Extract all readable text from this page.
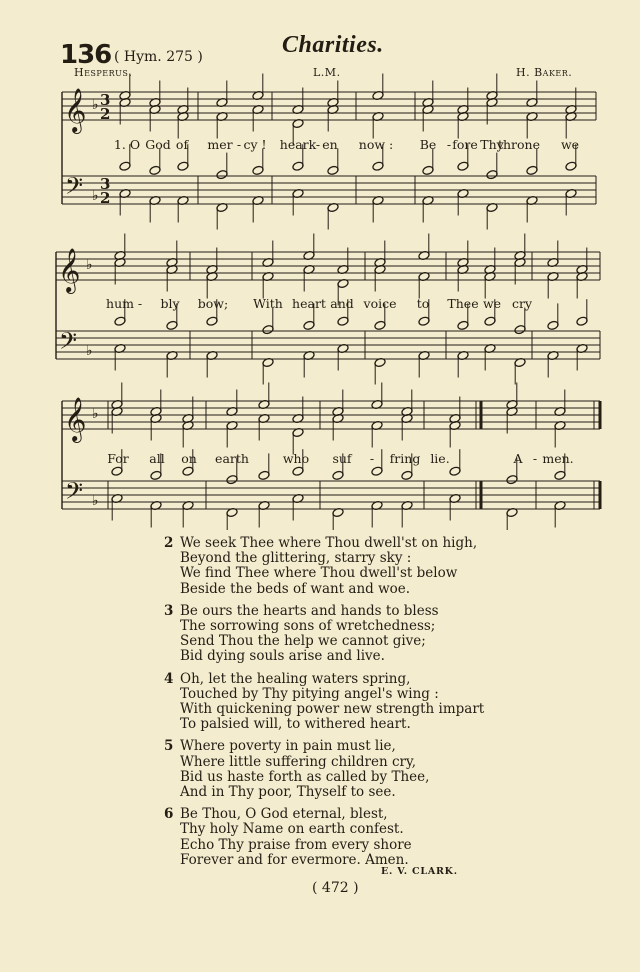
136 ( Hym. 275 )	Charities.
Hesperus.	L.M.	H. Baker.
𝄞
𝄢
♭
♭
3
2
3
2
𝄞
𝄢
♭
♭
𝄞
𝄢
♭
♭
1. O God of mer - cy ! heark - en now : Be - fore Thy
throne we
hum - bly bow; With heart and voice to Thee we cry
For all on earth	who suf - fring lie.	A - men.
2 We seek Thee where Thou dwell'st on high,
Beyond the glittering, starry sky :
We find Thee where Thou dwell'st below
Beside the beds of want and woe.
3 Be ours the hearts and hands to bless
The sorrowing sons of wretchedness;
Send Thou the help we cannot give;
Bid dying souls arise and live.
4 Oh, let the healing waters spring,
Touched by Thy pitying angel's wing :
With quickening power new strength impart
To palsied will, to withered heart.
5 Where poverty in pain must lie,
Where little suffering children cry,
Bid us haste forth as called by Thee,
And in Thy poor, Thyself to see.
6 Be Thou, O God eternal, blest,
Thy holy Name on earth confest.
Echo Thy praise from every shore
Forever and for evermore. Amen.
E. V. CLARK.
( 472 )
